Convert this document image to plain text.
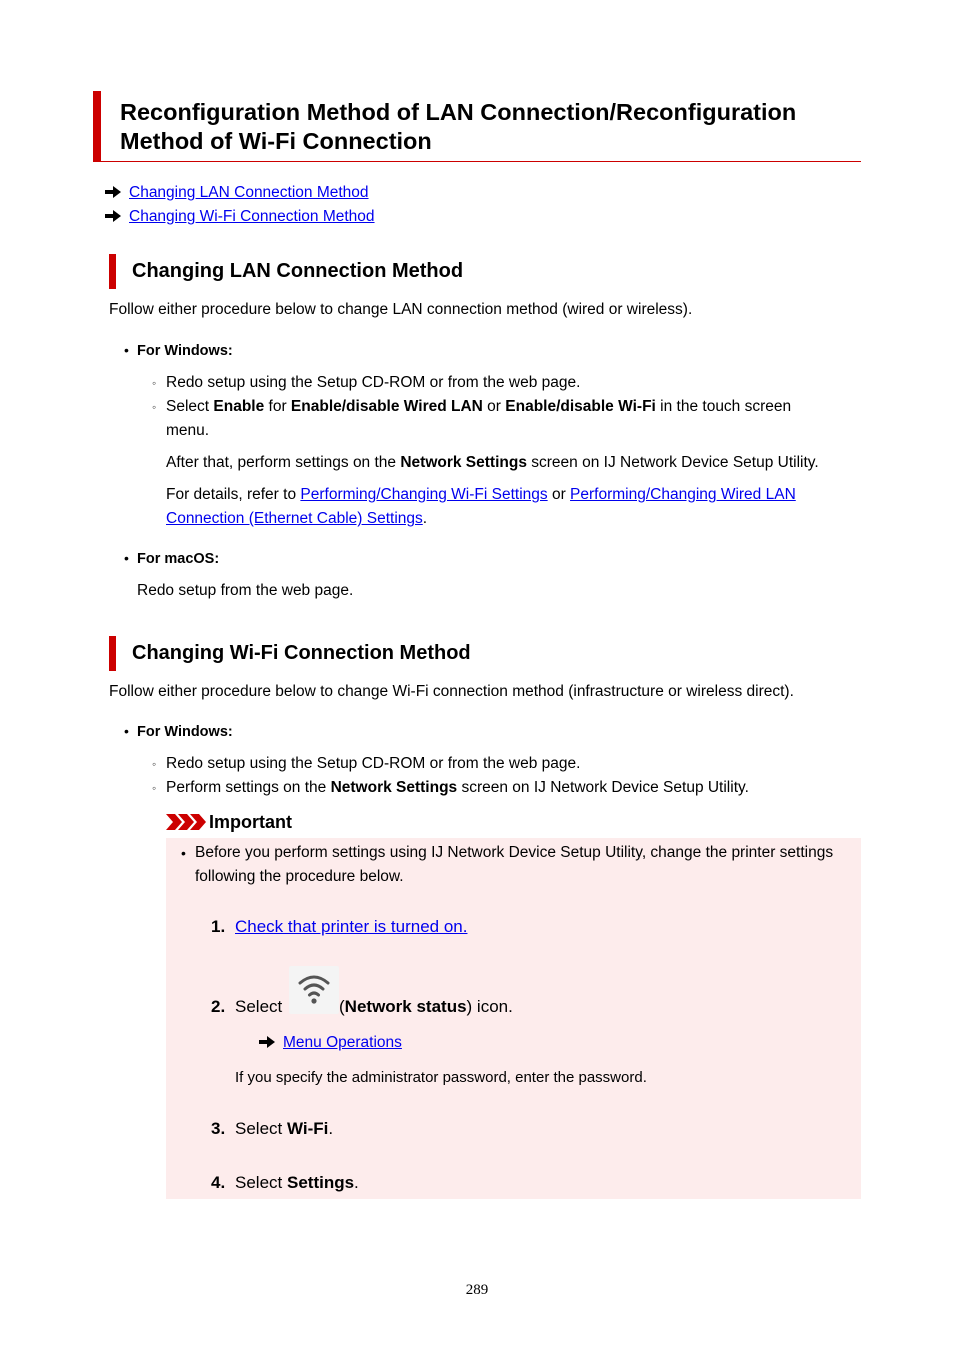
Reconfiguration Method of LAN Connection/Reconfiguration Method of Wi-Fi Connection
Changing LAN Connection Method
Changing Wi-Fi Connection Method
Changing LAN Connection Method
Follow either procedure below to change LAN connection method (wired or wireless).
• For Windows:
◦ Redo setup using the Setup CD-ROM or from the web page.
◦ Select Enable for Enable/disable Wired LAN or Enable/disable Wi-Fi in the touch screen
menu.
After that, perform settings on the Network Settings screen on IJ Network Device Setup Utility.
For details, refer to Performing/Changing Wi-Fi Settings or Performing/Changing Wired LAN
Connection (Ethernet Cable) Settings.
• For macOS:
Redo setup from the web page.
Changing Wi-Fi Connection Method
Follow either procedure below to change Wi-Fi connection method (infrastructure or wireless direct).
• For Windows:
◦ Redo setup using the Setup CD-ROM or from the web page.
◦ Perform settings on the Network Settings screen on IJ Network Device Setup Utility.
Important
• Before you perform settings using IJ Network Device Setup Utility, change the printer settings
following the procedure below.
1. Check that printer is turned on.
2. Select	(Network status) icon.
Menu Operations
If you specify the administrator password, enter the password.
3. Select Wi-Fi.
4. Select Settings.
289
